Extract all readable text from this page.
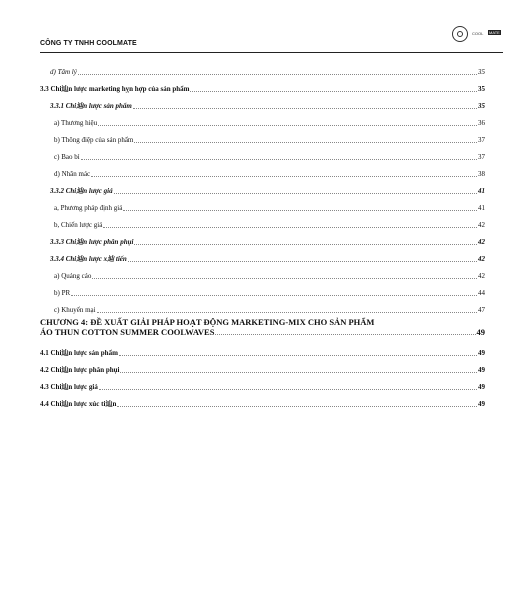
COOL MATE
CÔNG TY TNHH COOLMATE
d) Tâm lý	35
3.3 Chi辿n lược marketing hỵn hợp của sản phẩm	35
3.3.1 Chi辿n lược sản phẩm	35
a) Thương hiệu	36
b) Thông điệp của sản phẩm	37
c) Bao bì	37
d) Nhãn mác	38
3.3.2 Chi辿n lược giá	41
a, Phương pháp định giá	41
b, Chiến lược giá	42
3.3.3 Chi辿n lược phân phụi	42
3.3.4 Chi辿n lược x辿 tiến	42
a) Quảng cáo	42
b) PR	44
c) Khuyến mại	47
CHƯƠNG 4: ĐỀ XUẤT GIẢI PHÁP HOẠT ĐỘNG MARKETING-MIX CHO SẢN PHẨM
ÁO THUN COTTON SUMMER COOLWAVES	49
4.1 Chi辿n lược sản phẩm	49
4.2 Chi辿n lược phân phụi	49
4.3 Chi辿n lược giá	49
4.4 Chi辿n lược xúc ti辿n	49
